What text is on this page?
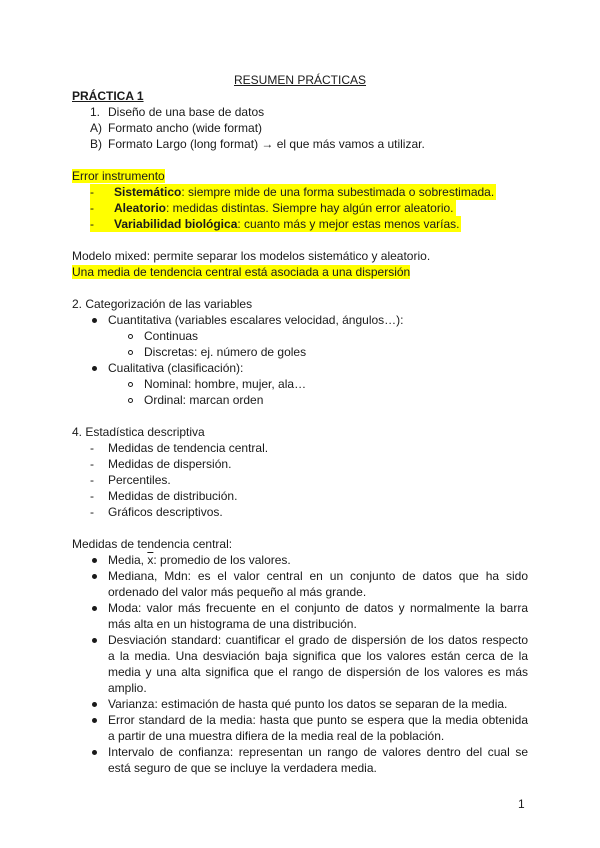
RESUMEN PRÁCTICAS
PRÁCTICA 1
1. Diseño de una base de datos
A) Formato ancho (wide format)
B) Formato Largo (long format) → el que más vamos a utilizar.
Error instrumento
-      Sistemático: siempre mide de una forma subestimada o sobrestimada.
-      Aleatorio: medidas distintas. Siempre hay algún error aleatorio.
-      Variabilidad biológica: cuanto más y mejor estas menos varías.
Modelo mixed: permite separar los modelos sistemático y aleatorio.
Una media de tendencia central está asociada a una dispersión
2. Categorización de las variables
Cuantitativa (variables escalares velocidad, ángulos…):
Continuas
Discretas: ej. número de goles
Cualitativa (clasificación):
Nominal: hombre, mujer, ala…
Ordinal: marcan orden
4. Estadística descriptiva
- Medidas de tendencia central.
- Medidas de dispersión.
- Percentiles.
- Medidas de distribución.
- Gráficos descriptivos.
Medidas de tendencia central:
Media, $\overline{x}$: promedio de los valores.
Mediana, Mdn: es el valor central en un conjunto de datos que ha sido
ordenado del valor más pequeño al más grande.
Moda: valor más frecuente en el conjunto de datos y normalmente la barra
más alta en un histograma de una distribución.
Desviación standard: cuantificar el grado de dispersión de los datos respecto
a la media. Una desviación baja significa que los valores están cerca de la
media y una alta significa que el rango de dispersión de los valores es más
amplio.
Varianza: estimación de hasta qué punto los datos se separan de la media.
Error standard de la media: hasta que punto se espera que la media obtenida
a partir de una muestra difiera de la media real de la población.
Intervalo de confianza: representan un rango de valores dentro del cual se
está seguro de que se incluye la verdadera media.
1
